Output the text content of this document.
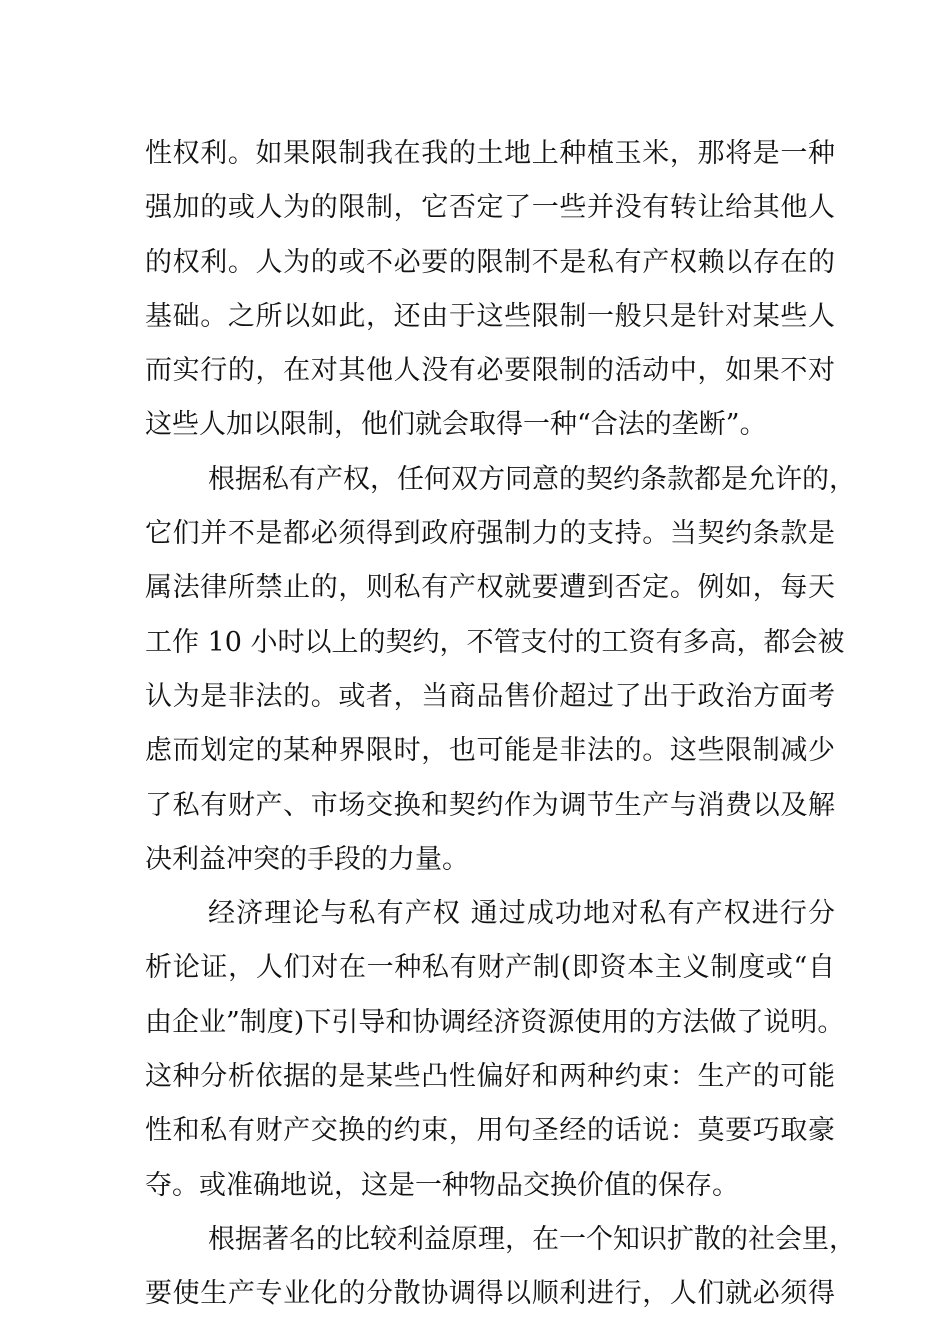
性权利。如果限制我在我的土地上种植玉米，那将是一种
强加的或人为的限制，它否定了一些并没有转让给其他人
的权利。人为的或不必要的限制不是私有产权赖以存在的
基础。之所以如此，还由于这些限制一般只是针对某些人
而实行的，在对其他人没有必要限制的活动中，如果不对
这些人加以限制，他们就会取得一种“合法的垄断”。
根据私有产权，任何双方同意的契约条款都是允许的，
它们并不是都必须得到政府强制力的支持。当契约条款是
属法律所禁止的，则私有产权就要遭到否定。例如，每天
工作 10 小时以上的契约，不管支付的工资有多高，都会被
认为是非法的。或者，当商品售价超过了出于政治方面考
虑而划定的某种界限时，也可能是非法的。这些限制减少
了私有财产、市场交换和契约作为调节生产与消费以及解
决利益冲突的手段的力量。
经济理论与私有产权 通过成功地对私有产权进行分
析论证，人们对在一种私有财产制(即资本主义制度或“自
由企业”制度)下引导和协调经济资源使用的方法做了说明。
这种分析依据的是某些凸性偏好和两种约束：生产的可能
性和私有财产交换的约束，用句圣经的话说：莫要巧取豪
夺。或准确地说，这是一种物品交换价值的保存。
根据著名的比较利益原理，在一个知识扩散的社会里，
要使生产专业化的分散协调得以顺利进行，人们就必须得
